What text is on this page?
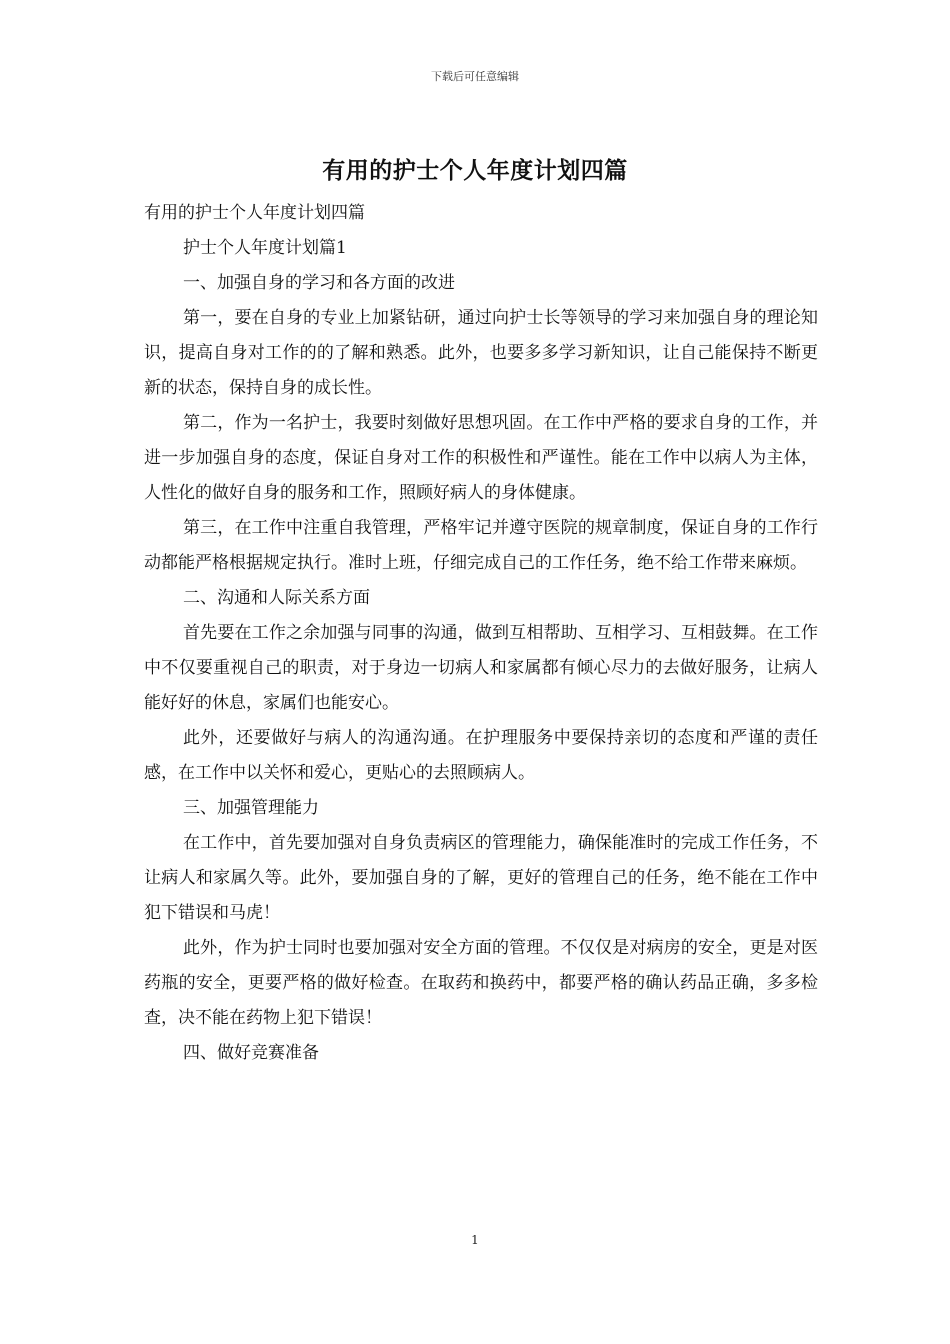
下载后可任意编辑
有用的护士个人年度计划四篇

有用的护士个人年度计划四篇

护士个人年度计划篇1

一、加强自身的学习和各方面的改进

第一，要在自身的专业上加紧钻研，通过向护士长等领导的学习来加强自身的理论知识，提高自身对工作的的了解和熟悉。此外，也要多多学习新知识，让自己能保持不断更新的状态，保持自身的成长性。

第二，作为一名护士，我要时刻做好思想巩固。在工作中严格的要求自身的工作，并进一步加强自身的态度，保证自身对工作的积极性和严谨性。能在工作中以病人为主体，人性化的做好自身的服务和工作，照顾好病人的身体健康。

第三，在工作中注重自我管理，严格牢记并遵守医院的规章制度，保证自身的工作行动都能严格根据规定执行。准时上班，仔细完成自己的工作任务，绝不给工作带来麻烦。

二、沟通和人际关系方面

首先要在工作之余加强与同事的沟通，做到互相帮助、互相学习、互相鼓舞。在工作中不仅要重视自己的职责，对于身边一切病人和家属都有倾心尽力的去做好服务，让病人能好好的休息，家属们也能安心。

此外，还要做好与病人的沟通沟通。在护理服务中要保持亲切的态度和严谨的责任感，在工作中以关怀和爱心，更贴心的去照顾病人。

三、加强管理能力

在工作中，首先要加强对自身负责病区的管理能力，确保能准时的完成工作任务，不让病人和家属久等。此外，要加强自身的了解，更好的管理自己的任务，绝不能在工作中犯下错误和马虎！

此外，作为护士同时也要加强对安全方面的管理。不仅仅是对病房的安全，更是对医药瓶的安全，更要严格的做好检查。在取药和换药中，都要严格的确认药品正确，多多检查，决不能在药物上犯下错误！

四、做好竞赛准备

1
